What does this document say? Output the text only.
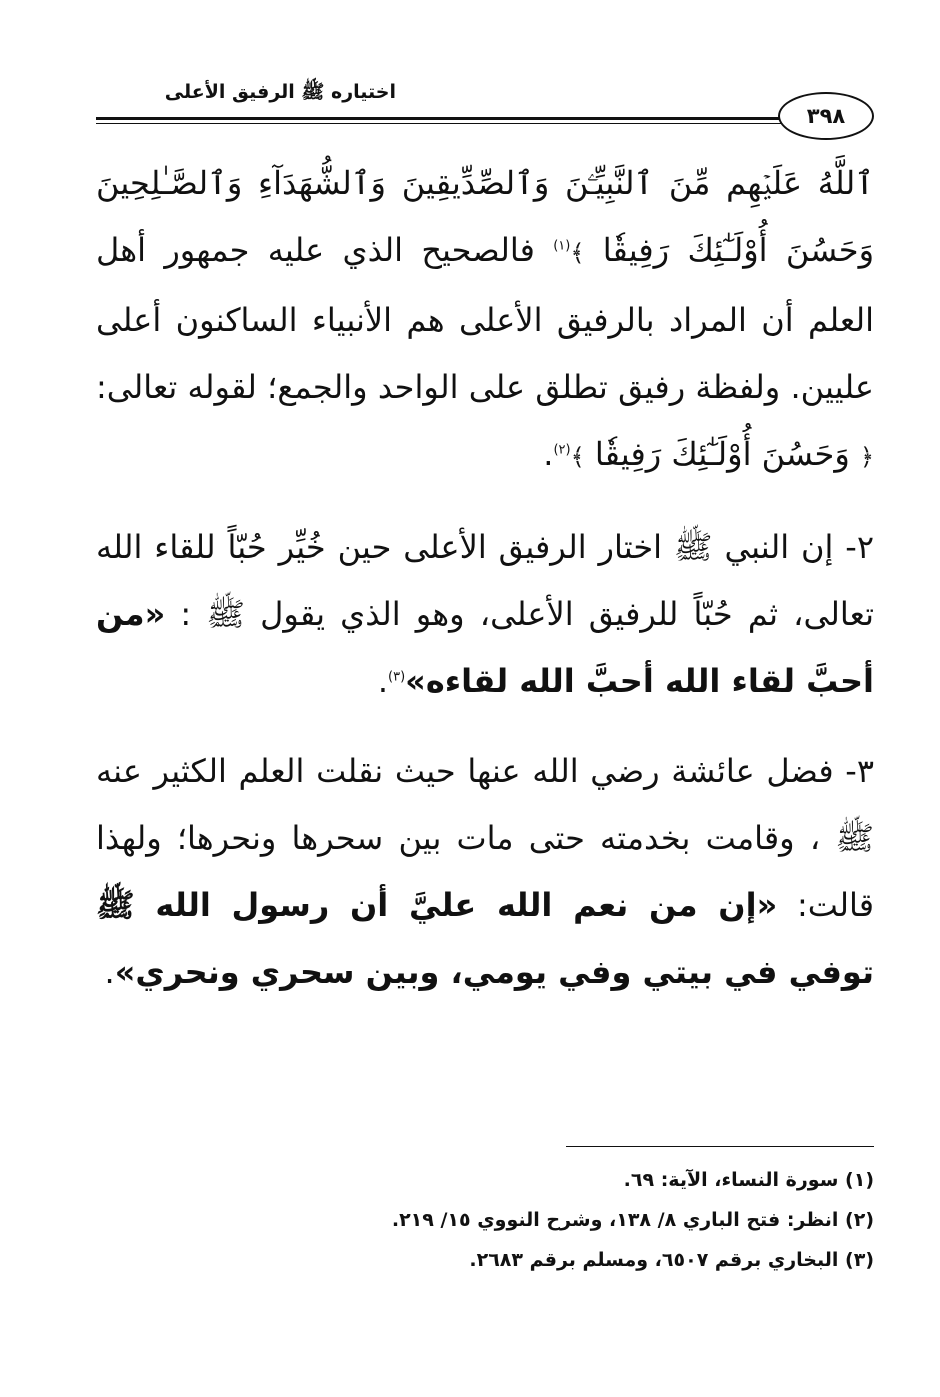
اختياره ﷺ الرفيق الأعلى
٣٩٨

ٱللَّهُ عَلَيۡهِم مِّنَ ٱلنَّبِيِّـۧنَ وَٱلصِّدِّيقِينَ وَٱلشُّهَدَآءِ وَٱلصَّـٰلِحِينَ وَحَسُنَ أُوْلَـٰٓئِكَ رَفِيقٗا ﴾$^{(١)}$ فالصحيح الذي عليه جمهور أهل العلم أن المراد بالرفيق الأعلى هم الأنبياء الساكنون أعلى عليين. ولفظة رفيق تطلق على الواحد والجمع؛ لقوله تعالى: ﴿ وَحَسُنَ أُوْلَـٰٓئِكَ رَفِيقٗا ﴾$^{(٢)}$.

٢- إن النبي ﷺ اختار الرفيق الأعلى حين خُيِّر حُبّاً للقاء الله تعالى، ثم حُبّاً للرفيق الأعلى، وهو الذي يقول ﷺ : «من أحبَّ لقاء الله أحبَّ الله لقاءه»$^{(٣)}$.

٣- فضل عائشة رضي الله عنها حيث نقلت العلم الكثير عنه ﷺ ، وقامت بخدمته حتى مات بين سحرها ونحرها؛ ولهذا قالت: «إن من نعم الله عليَّ أن رسول الله ﷺ توفي في بيتي وفي يومي، وبين سحري ونحري».

(١) سورة النساء، الآية: ٦٩.
(٢) انظر: فتح الباري ٨/ ١٣٨، وشرح النووي ١٥/ ٢١٩.
(٣) البخاري برقم ٦٥٠٧، ومسلم برقم ٢٦٨٣.
